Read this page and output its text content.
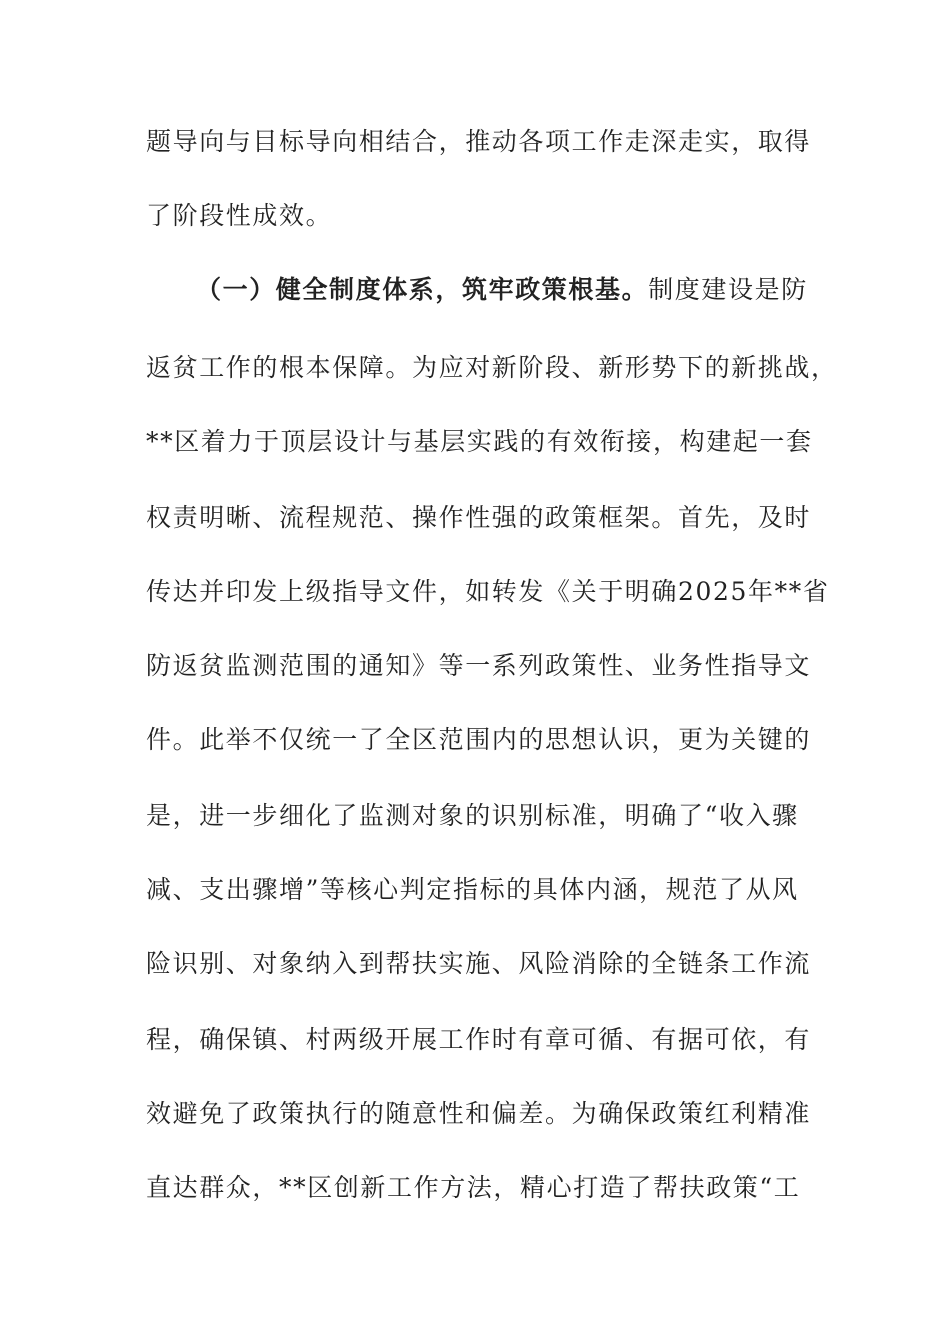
题导向与目标导向相结合，推动各项工作走深走实，取得
了阶段性成效。
（一）健全制度体系，筑牢政策根基。制度建设是防
返贫工作的根本保障。为应对新阶段、新形势下的新挑战，
**区着力于顶层设计与基层实践的有效衔接，构建起一套
权责明晰、流程规范、操作性强的政策框架。首先，及时
传达并印发上级指导文件，如转发《关于明确2025年**省
防返贫监测范围的通知》等一系列政策性、业务性指导文
件。此举不仅统一了全区范围内的思想认识，更为关键的
是，进一步细化了监测对象的识别标准，明确了“收入骤
减、支出骤增”等核心判定指标的具体内涵，规范了从风
险识别、对象纳入到帮扶实施、风险消除的全链条工作流
程，确保镇、村两级开展工作时有章可循、有据可依，有
效避免了政策执行的随意性和偏差。为确保政策红利精准
直达群众，**区创新工作方法，精心打造了帮扶政策“工
